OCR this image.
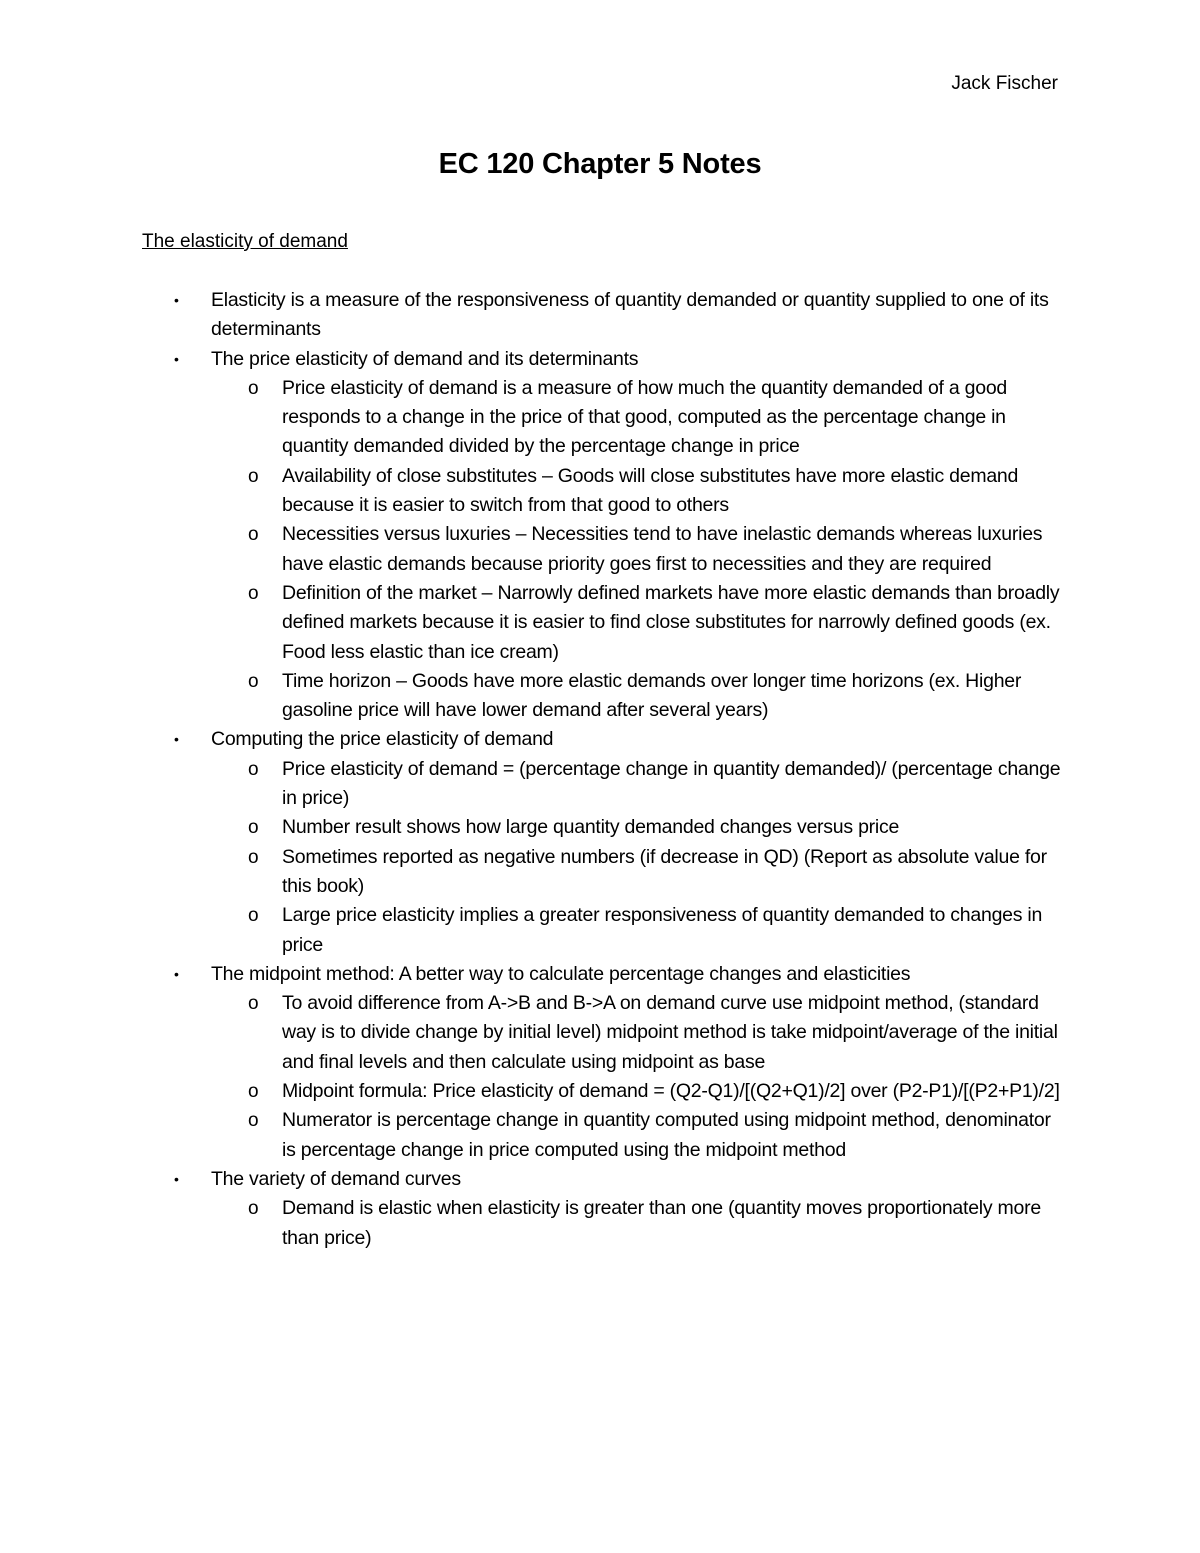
Jack Fischer
EC 120 Chapter 5 Notes
The elasticity of demand
• Elasticity is a measure of the responsiveness of quantity demanded or quantity supplied to one of its determinants
• The price elasticity of demand and its determinants
o Price elasticity of demand is a measure of how much the quantity demanded of a good responds to a change in the price of that good, computed as the percentage change in quantity demanded divided by the percentage change in price
o Availability of close substitutes – Goods will close substitutes have more elastic demand because it is easier to switch from that good to others
o Necessities versus luxuries – Necessities tend to have inelastic demands whereas luxuries have elastic demands because priority goes first to necessities and they are required
o Definition of the market – Narrowly defined markets have more elastic demands than broadly defined markets because it is easier to find close substitutes for narrowly defined goods (ex. Food less elastic than ice cream)
o Time horizon – Goods have more elastic demands over longer time horizons (ex. Higher gasoline price will have lower demand after several years)
• Computing the price elasticity of demand
o Price elasticity of demand = (percentage change in quantity demanded)/ (percentage change in price)
o Number result shows how large quantity demanded changes versus price
o Sometimes reported as negative numbers (if decrease in QD) (Report as absolute value for this book)
o Large price elasticity implies a greater responsiveness of quantity demanded to changes in price
• The midpoint method: A better way to calculate percentage changes and elasticities
o To avoid difference from A->B and B->A on demand curve use midpoint method, (standard way is to divide change by initial level) midpoint method is take midpoint/average of the initial and final levels and then calculate using midpoint as base
o Midpoint formula: Price elasticity of demand = (Q2-Q1)/[(Q2+Q1)/2] over (P2-P1)/[(P2+P1)/2]
o Numerator is percentage change in quantity computed using midpoint method, denominator is percentage change in price computed using the midpoint method
• The variety of demand curves
o Demand is elastic when elasticity is greater than one (quantity moves proportionately more than price)
